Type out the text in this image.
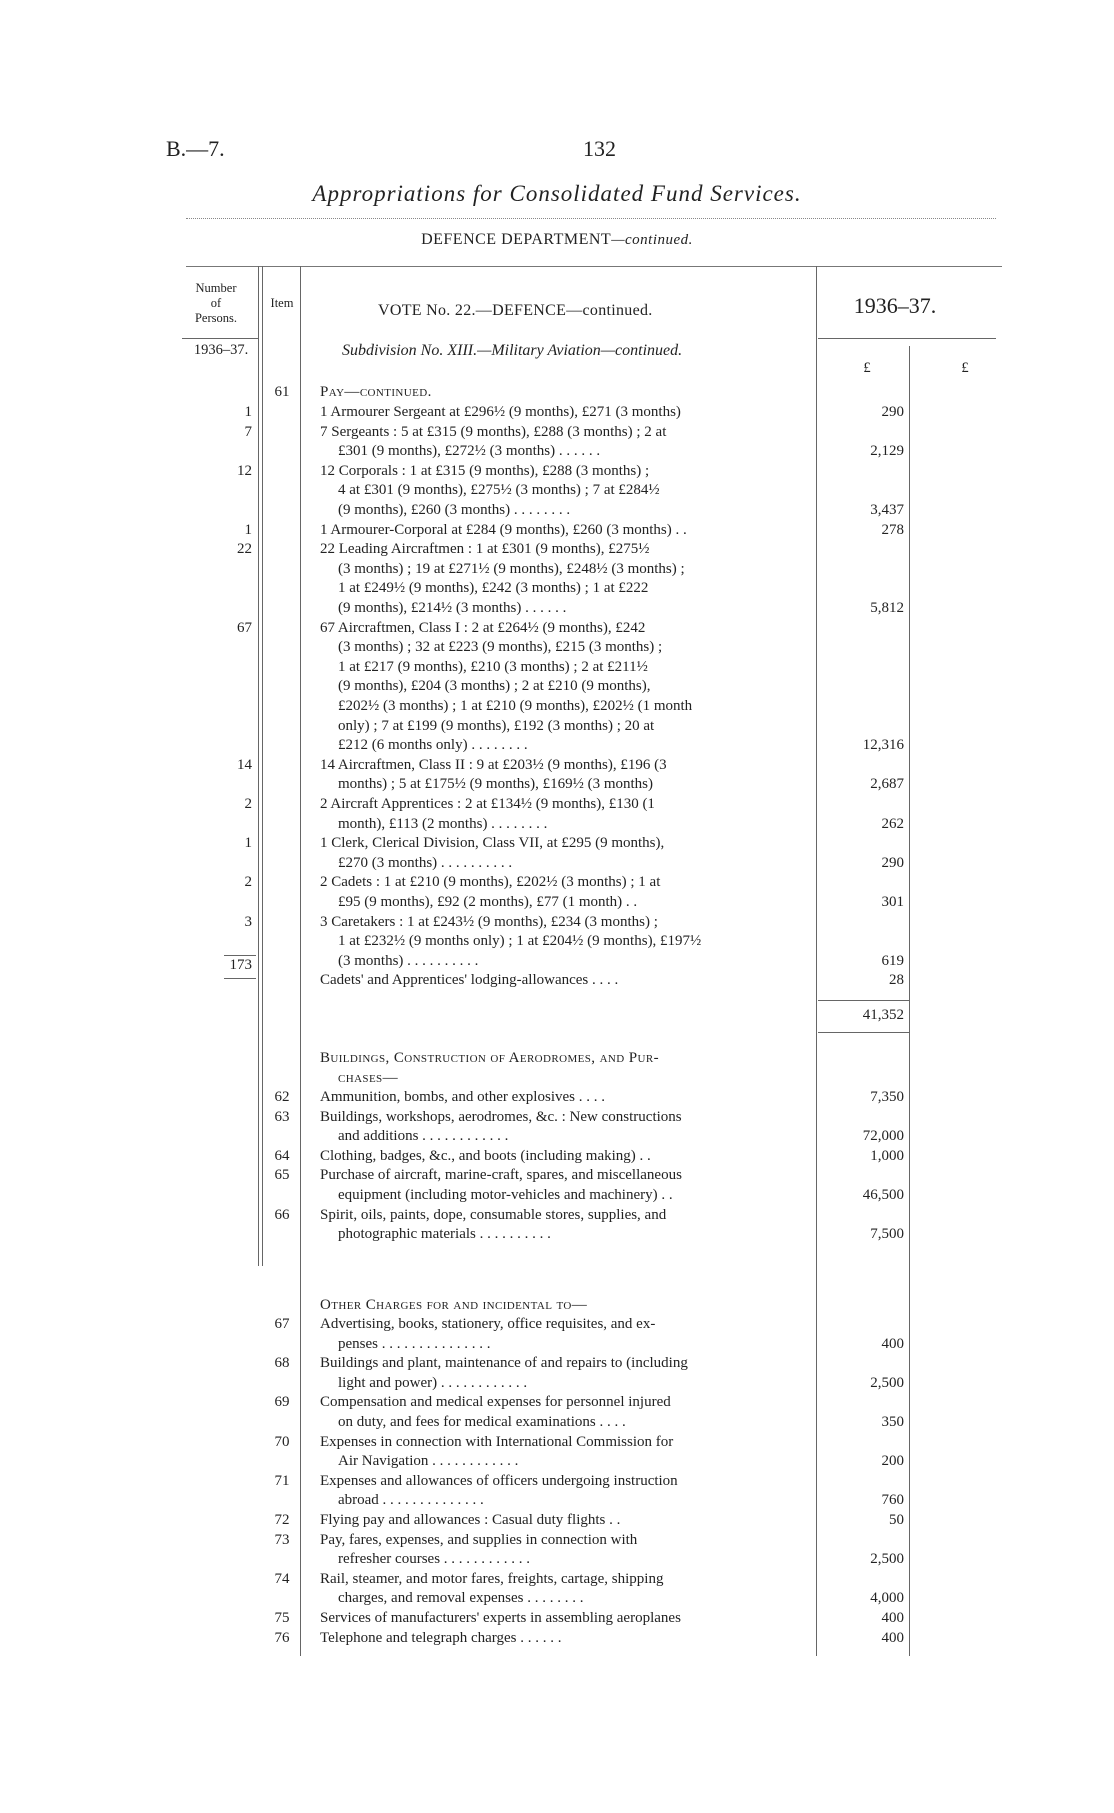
B.—7.	132
Appropriations for Consolidated Fund Services.
DEFENCE DEPARTMENT—continued.
Number
of
Persons.
Item	VOTE No. 22.—DEFENCE—continued.	1936–37.
1936–37.	Subdivision No. XIII.—Military Aviation—continued.
£	£
61	Pay—continued.
1	1 Armourer Sergeant at £296½ (9 months), £271 (3 months)	290
7	7 Sergeants : 5 at £315 (9 months), £288 (3 months) ; 2 at
£301 (9 months), £272½ (3 months) . . . . . .	2,129
12	12 Corporals : 1 at £315 (9 months), £288 (3 months) ;
4 at £301 (9 months), £275½ (3 months) ; 7 at £284½
(9 months), £260 (3 months) . . . . . . . .	3,437
1	1 Armourer-Corporal at £284 (9 months), £260 (3 months) . .	278
22	22 Leading Aircraftmen : 1 at £301 (9 months), £275½
(3 months) ; 19 at £271½ (9 months), £248½ (3 months) ;
1 at £249½ (9 months), £242 (3 months) ; 1 at £222
(9 months), £214½ (3 months) . . . . . .	5,812
67	67 Aircraftmen, Class I : 2 at £264½ (9 months), £242
(3 months) ; 32 at £223 (9 months), £215 (3 months) ;
1 at £217 (9 months), £210 (3 months) ; 2 at £211½
(9 months), £204 (3 months) ; 2 at £210 (9 months),
£202½ (3 months) ; 1 at £210 (9 months), £202½ (1 month
only) ; 7 at £199 (9 months), £192 (3 months) ; 20 at
£212 (6 months only) . . . . . . . .	12,316
14	14 Aircraftmen, Class II : 9 at £203½ (9 months), £196 (3
months) ; 5 at £175½ (9 months), £169½ (3 months)	2,687
2	2 Aircraft Apprentices : 2 at £134½ (9 months), £130 (1
month), £113 (2 months) . . . . . . . .	262
1	1 Clerk, Clerical Division, Class VII, at £295 (9 months),
£270 (3 months) . . . . . . . . . .	290
2	2 Cadets : 1 at £210 (9 months), £202½ (3 months) ; 1 at
£95 (9 months), £92 (2 months), £77 (1 month) . .	301
3	3 Caretakers : 1 at £243½ (9 months), £234 (3 months) ;
1 at £232½ (9 months only) ; 1 at £204½ (9 months), £197½
(3 months) . . . . . . . . . .	619
Cadets' and Apprentices' lodging-allowances . . . .	28
173
41,352
Buildings, Construction of Aerodromes, and Pur-
chases—
62	Ammunition, bombs, and other explosives . . . .	7,350
63	Buildings, workshops, aerodromes, &c. : New constructions
and additions . . . . . . . . . . . .	72,000
64	Clothing, badges, &c., and boots (including making) . .	1,000
65	Purchase of aircraft, marine-craft, spares, and miscellaneous
equipment (including motor-vehicles and machinery) . .	46,500
66	Spirit, oils, paints, dope, consumable stores, supplies, and
photographic materials . . . . . . . . . .	7,500
Other Charges for and incidental to—
67	Advertising, books, stationery, office requisites, and ex-
penses . . . . . . . . . . . . . . .	400
68	Buildings and plant, maintenance of and repairs to (including
light and power) . . . . . . . . . . . .	2,500
69	Compensation and medical expenses for personnel injured
on duty, and fees for medical examinations . . . .	350
70	Expenses in connection with International Commission for
Air Navigation . . . . . . . . . . . .	200
71	Expenses and allowances of officers undergoing instruction
abroad . . . . . . . . . . . . . .	760
72	Flying pay and allowances : Casual duty flights . .	50
73	Pay, fares, expenses, and supplies in connection with
refresher courses . . . . . . . . . . . .	2,500
74	Rail, steamer, and motor fares, freights, cartage, shipping
charges, and removal expenses . . . . . . . .	4,000
75	Services of manufacturers' experts in assembling aeroplanes	400
76	Telephone and telegraph charges . . . . . .	400
